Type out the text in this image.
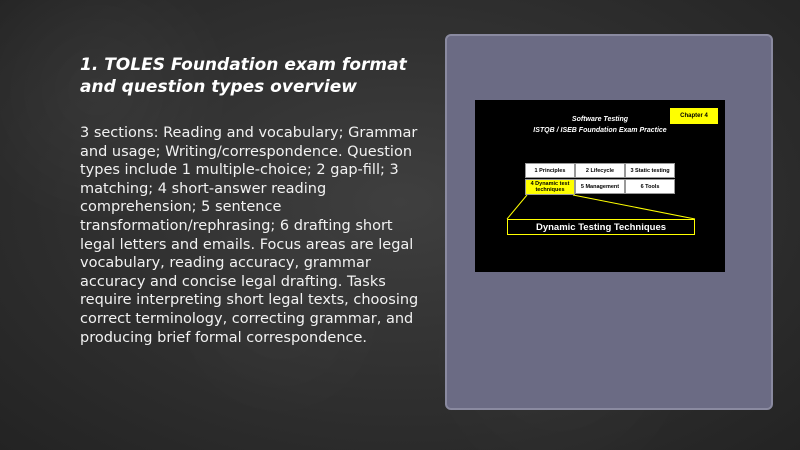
1. TOLES Foundation exam format and question types overview
3 sections: Reading and vocabulary; Grammar and usage; Writing/correspondence. Question types include 1 multiple-choice; 2 gap-fill; 3 matching; 4 short-answer reading comprehension; 5 sentence transformation/rephrasing; 6 drafting short legal letters and emails. Focus areas are legal vocabulary, reading accuracy, grammar accuracy and concise legal drafting. Tasks require interpreting short legal texts, choosing correct terminology, correcting grammar, and producing brief formal correspondence.
Software Testing
ISTQB / ISEB Foundation Exam Practice
Chapter 4
1 Principles	2 Lifecycle	3 Static testing
4 Dynamic test techniques
5 Management	6 Tools
Dynamic Testing Techniques
